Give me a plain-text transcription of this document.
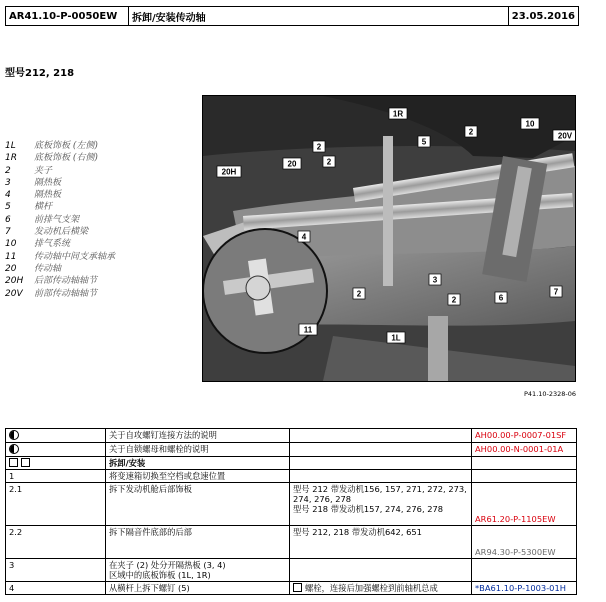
AR41.10-P-0050EW	拆卸/安装传动轴	23.05.2016
型号212, 218
1L	底板饰板 (左侧)
1R	底板饰板 (右侧)
2	夹子
3	隔热板
4	隔热板
5	横杆
6	前排气支架
7	发动机后横梁
10	排气系统
11	传动轴中间支承轴承
20	传动轴
20H	后部传动轴轴节
20V	前部传动轴轴节
1R
2
2
5
10
20V
2
20H
20
4
3
2
2	6
7
11
1L
P41.10-2328-06
	关于自攻螺钉连接方法的说明		AH00.00-P-0007-01SF
	关于自锁螺母和螺栓的说明		AH00.00-N-0001-01A
	拆卸/安装		
1	将变速箱切换至空档或怠速位置		
2.1	拆下发动机舱后部饰板	型号 212 带发动机156, 157, 271, 272, 273,
274, 276, 278
型号 218 带发动机157, 274, 276, 278	AR61.20-P-1105EW
2.2	拆下隔音件底部的后部	型号 212, 218 带发动机642, 651	AR94.30-P-5300EW
3	在夹子 (2) 处分开隔热板 (3, 4)
区域中的底板饰板 (1L, 1R)		
4	从横杆上拆下螺钉 (5)	螺栓，连接后加强螺栓到前轴机总成	*BA61.10-P-1003-01H
